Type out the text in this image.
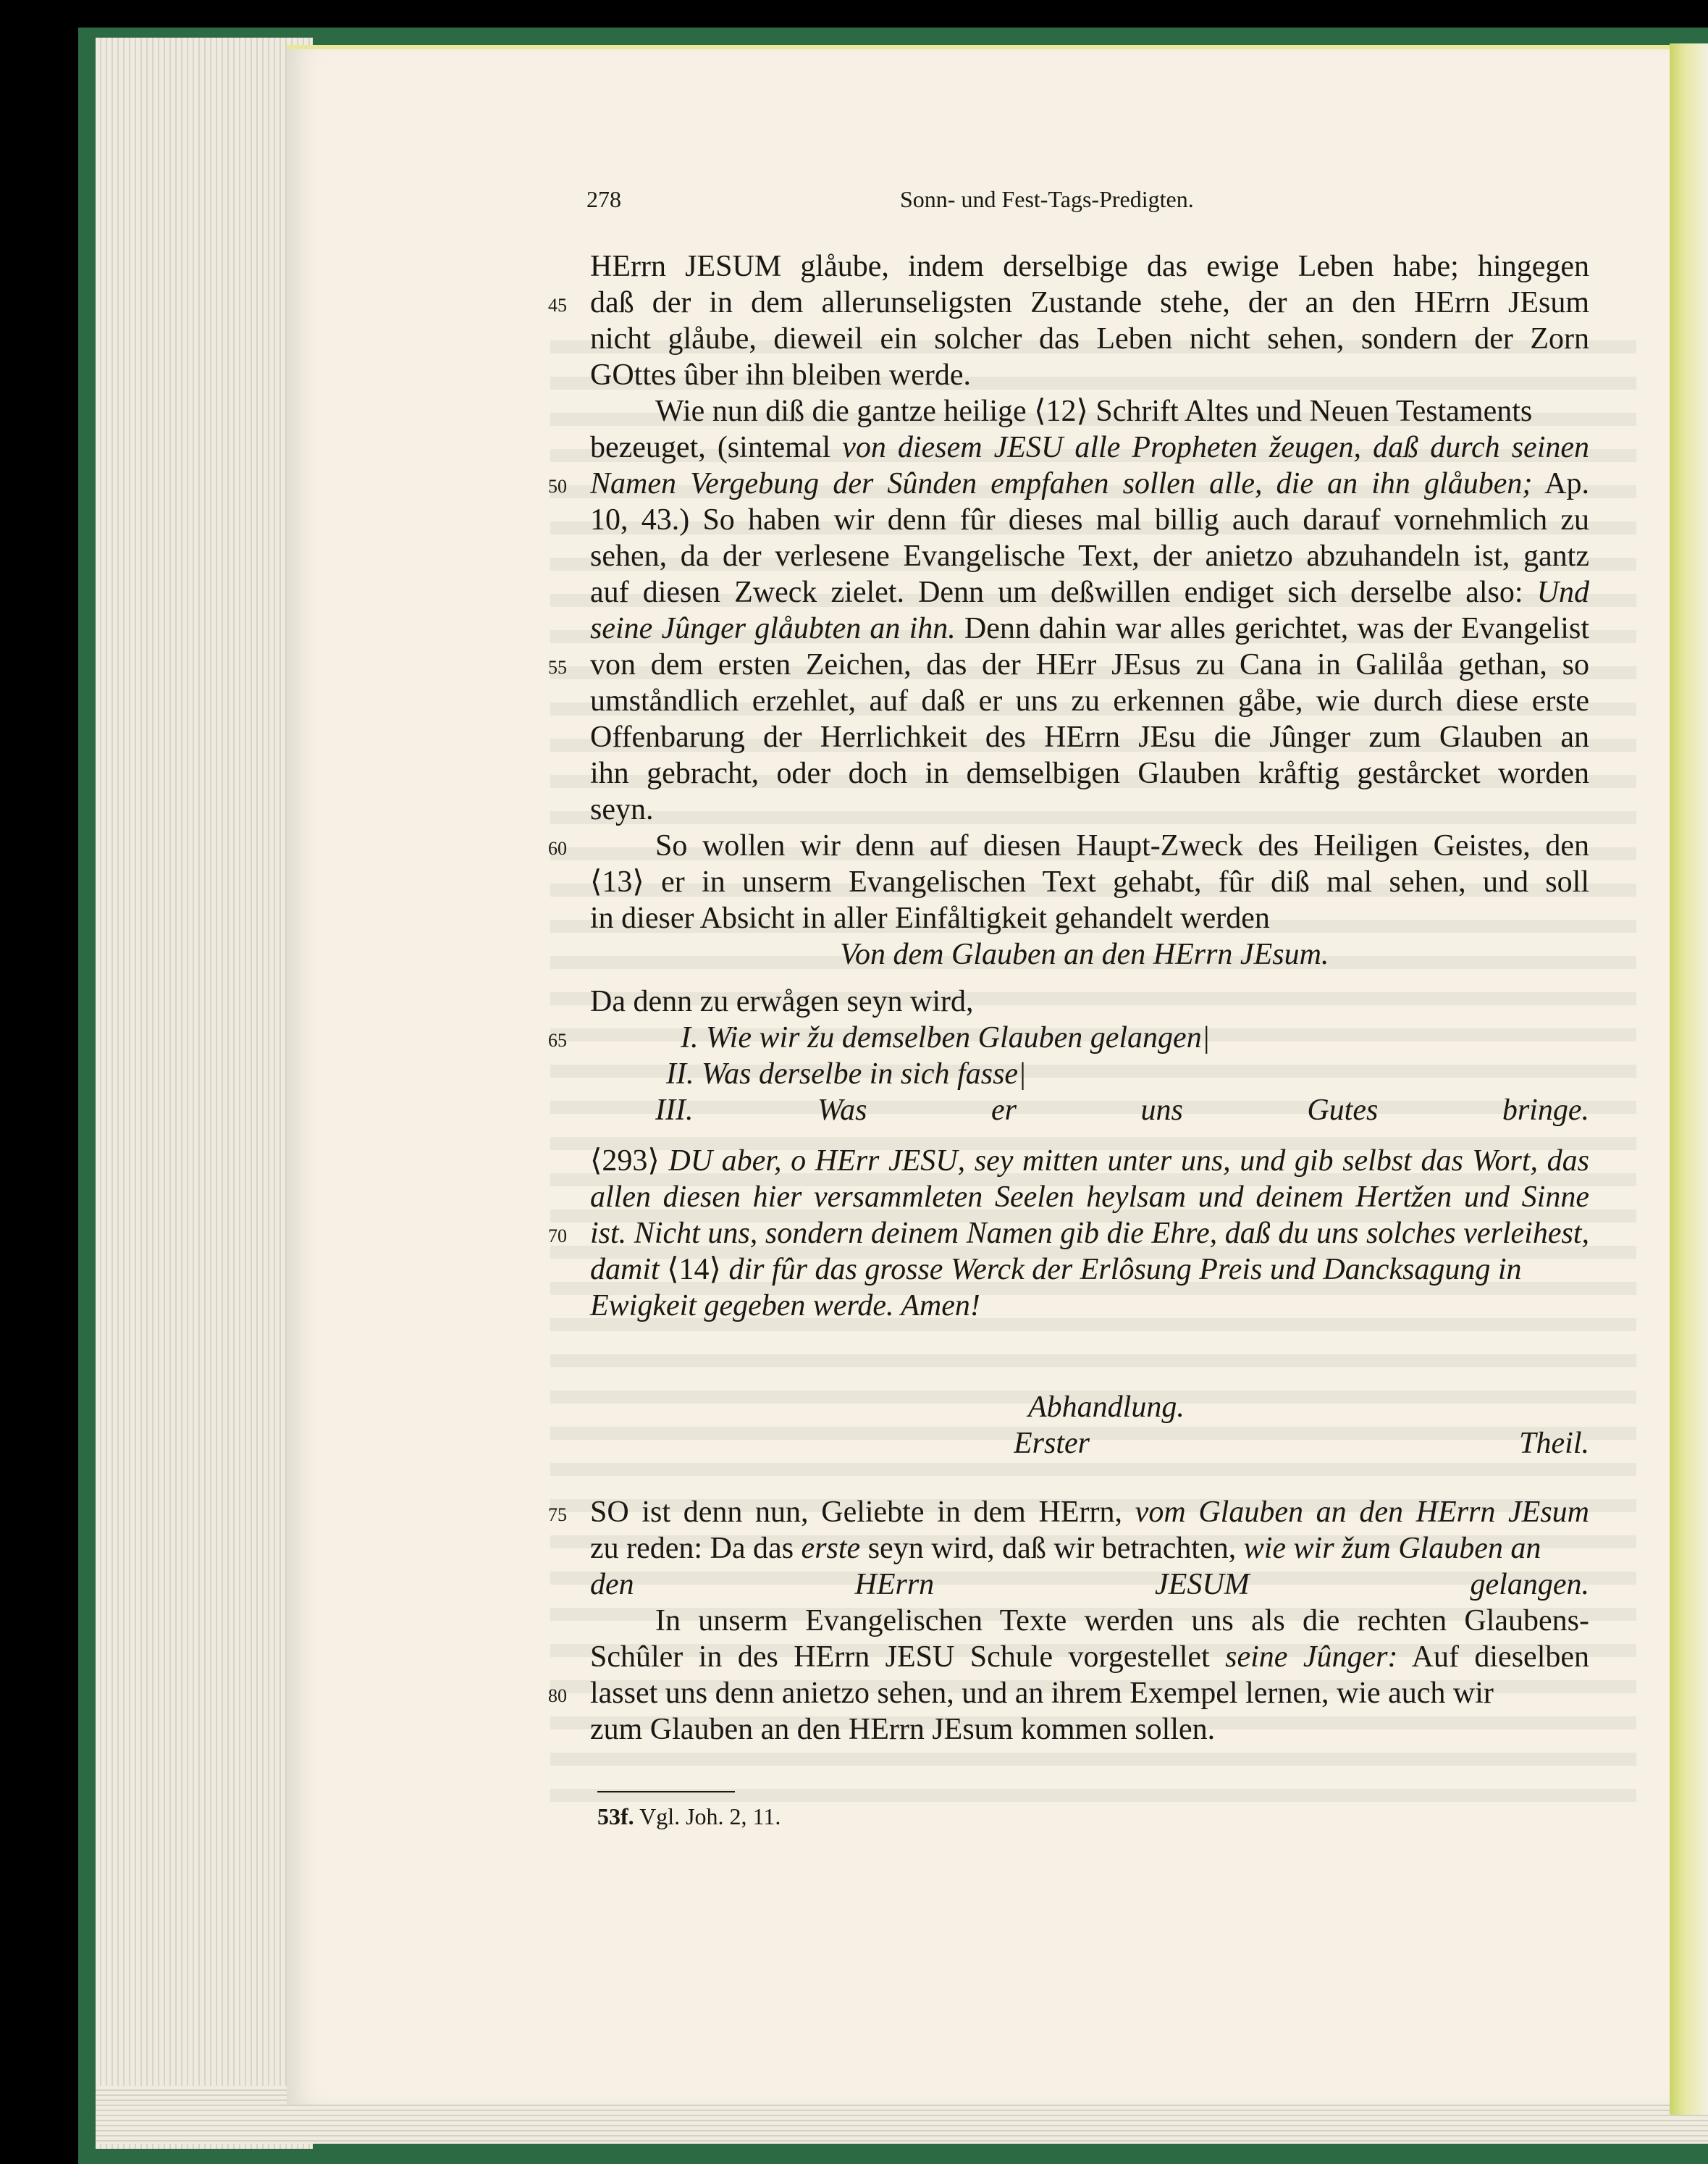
278	Sonn- und Fest-Tags-Predigten.
HErrn JESUM glåube, indem derselbige das ewige Leben habe; hingegen
daß der in dem allerunseligsten Zustande stehe, der an den HErrn JEsum
45
nicht glåube, dieweil ein solcher das Leben nicht sehen, sondern der Zorn
GOttes ûber ihn bleiben werde.
Wie nun diß die gantze heilige ⟨12⟩ Schrift Altes und Neuen Testaments
bezeuget, (sintemal von diesem JESU alle Propheten žeugen, daß durch seinen
Namen Vergebung der Sûnden empfahen sollen alle, die an ihn glåuben; Ap.
50
10, 43.) So haben wir denn fûr dieses mal billig auch darauf vornehmlich zu
sehen, da der verlesene Evangelische Text, der anietzo abzuhandeln ist, gantz
auf diesen Zweck zielet. Denn um deßwillen endiget sich derselbe also: Und
seine Jûnger glåubten an ihn. Denn dahin war alles gerichtet, was der Evangelist
von dem ersten Zeichen, das der HErr JEsus zu Cana in Galilåa gethan, so
55
umståndlich erzehlet, auf daß er uns zu erkennen gåbe, wie durch diese erste
Offenbarung der Herrlichkeit des HErrn JEsu die Jûnger zum Glauben an
ihn gebracht, oder doch in demselbigen Glauben kråftig gestårcket worden
seyn.
So wollen wir denn auf diesen Haupt-Zweck des Heiligen Geistes, den
60
⟨13⟩ er in unserm Evangelischen Text gehabt, fûr diß mal sehen, und soll
in dieser Absicht in aller Einfåltigkeit gehandelt werden
Von dem Glauben an den HErrn JEsum.
Da denn zu erwågen seyn wird,
I. Wie wir žu demselben Glauben gelangen|
65
II. Was derselbe in sich fasse|
III. Was er uns Gutes bringe.
⟨293⟩ DU aber, o HErr JESU, sey mitten unter uns, und gib selbst das Wort, das
allen diesen hier versammleten Seelen heylsam und deinem Hertžen und Sinne
ist. Nicht uns, sondern deinem Namen gib die Ehre, daß du uns solches verleihest,
70
damit ⟨14⟩ dir fûr das grosse Werck der Erlôsung Preis und Dancksagung in
Ewigkeit gegeben werde. Amen!
Abhandlung.
Erster Theil.
SO ist denn nun, Geliebte in dem HErrn, vom Glauben an den HErrn JEsum
75
zu reden: Da das erste seyn wird, daß wir betrachten, wie wir žum Glauben an
den HErrn JESUM gelangen.
In unserm Evangelischen Texte werden uns als die rechten Glaubens-
Schûler in des HErrn JESU Schule vorgestellet seine Jûnger: Auf dieselben
lasset uns denn anietzo sehen, und an ihrem Exempel lernen, wie auch wir
80
zum Glauben an den HErrn JEsum kommen sollen.
53f. Vgl. Joh. 2, 11.
